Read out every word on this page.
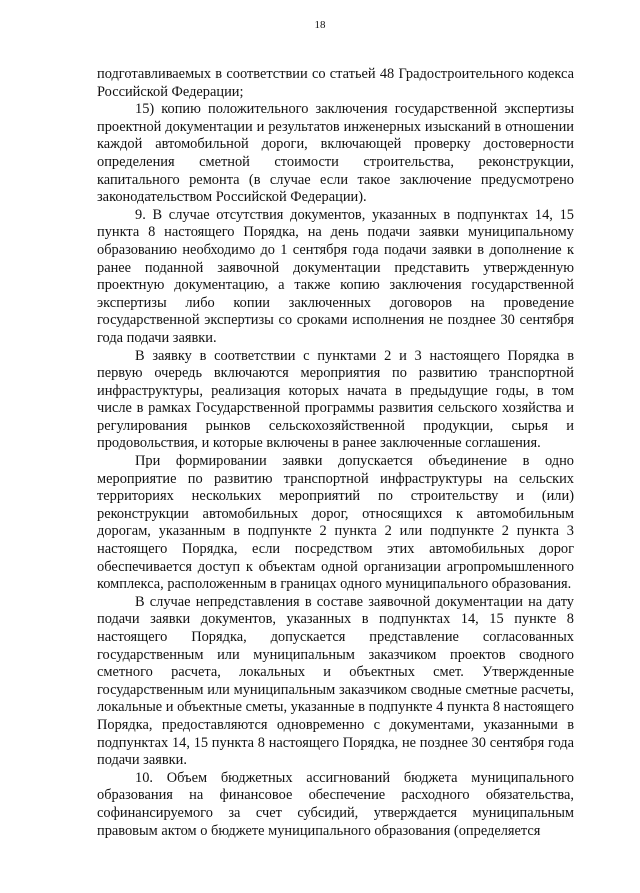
18

подготавливаемых в соответствии со статьей 48 Градостроительного кодекса Российской Федерации;

15) копию положительного заключения государственной экспертизы проектной документации и результатов инженерных изысканий в отношении каждой автомобильной дороги, включающей проверку достоверности определения сметной стоимости строительства, реконструкции, капитального ремонта (в случае если такое заключение предусмотрено законодательством Российской Федерации).

9. В случае отсутствия документов, указанных в подпунктах 14, 15 пункта 8 настоящего Порядка, на день подачи заявки муниципальному образованию необходимо до 1 сентября года подачи заявки в дополнение к ранее поданной заявочной документации представить утвержденную проектную документацию, а также копию заключения государственной экспертизы либо копии заключенных договоров на проведение государственной экспертизы со сроками исполнения не позднее 30 сентября года подачи заявки.

В заявку в соответствии с пунктами 2 и 3 настоящего Порядка в первую очередь включаются мероприятия по развитию транспортной инфраструктуры, реализация которых начата в предыдущие годы, в том числе в рамках Государственной программы развития сельского хозяйства и регулирования рынков сельскохозяйственной продукции, сырья и продовольствия, и которые включены в ранее заключенные соглашения.

При формировании заявки допускается объединение в одно мероприятие по развитию транспортной инфраструктуры на сельских территориях нескольких мероприятий по строительству и (или) реконструкции автомобильных дорог, относящихся к автомобильным дорогам, указанным в подпункте 2 пункта 2 или подпункте 2 пункта 3 настоящего Порядка, если посредством этих автомобильных дорог обеспечивается доступ к объектам одной организации агропромышленного комплекса, расположенным в границах одного муниципального образования.

В случае непредставления в составе заявочной документации на дату подачи заявки документов, указанных в подпунктах 14, 15 пункте 8 настоящего Порядка, допускается представление согласованных государственным или муниципальным заказчиком проектов сводного сметного расчета, локальных и объектных смет. Утвержденные государственным или муниципальным заказчиком сводные сметные расчеты, локальные и объектные сметы, указанные в подпункте 4 пункта 8 настоящего Порядка, предоставляются одновременно с документами, указанными в подпунктах 14, 15 пункта 8 настоящего Порядка, не позднее 30 сентября года подачи заявки.

10. Объем бюджетных ассигнований бюджета муниципального образования на финансовое обеспечение расходного обязательства, софинансируемого за счет субсидий, утверждается муниципальным правовым актом о бюджете муниципального образования (определяется
